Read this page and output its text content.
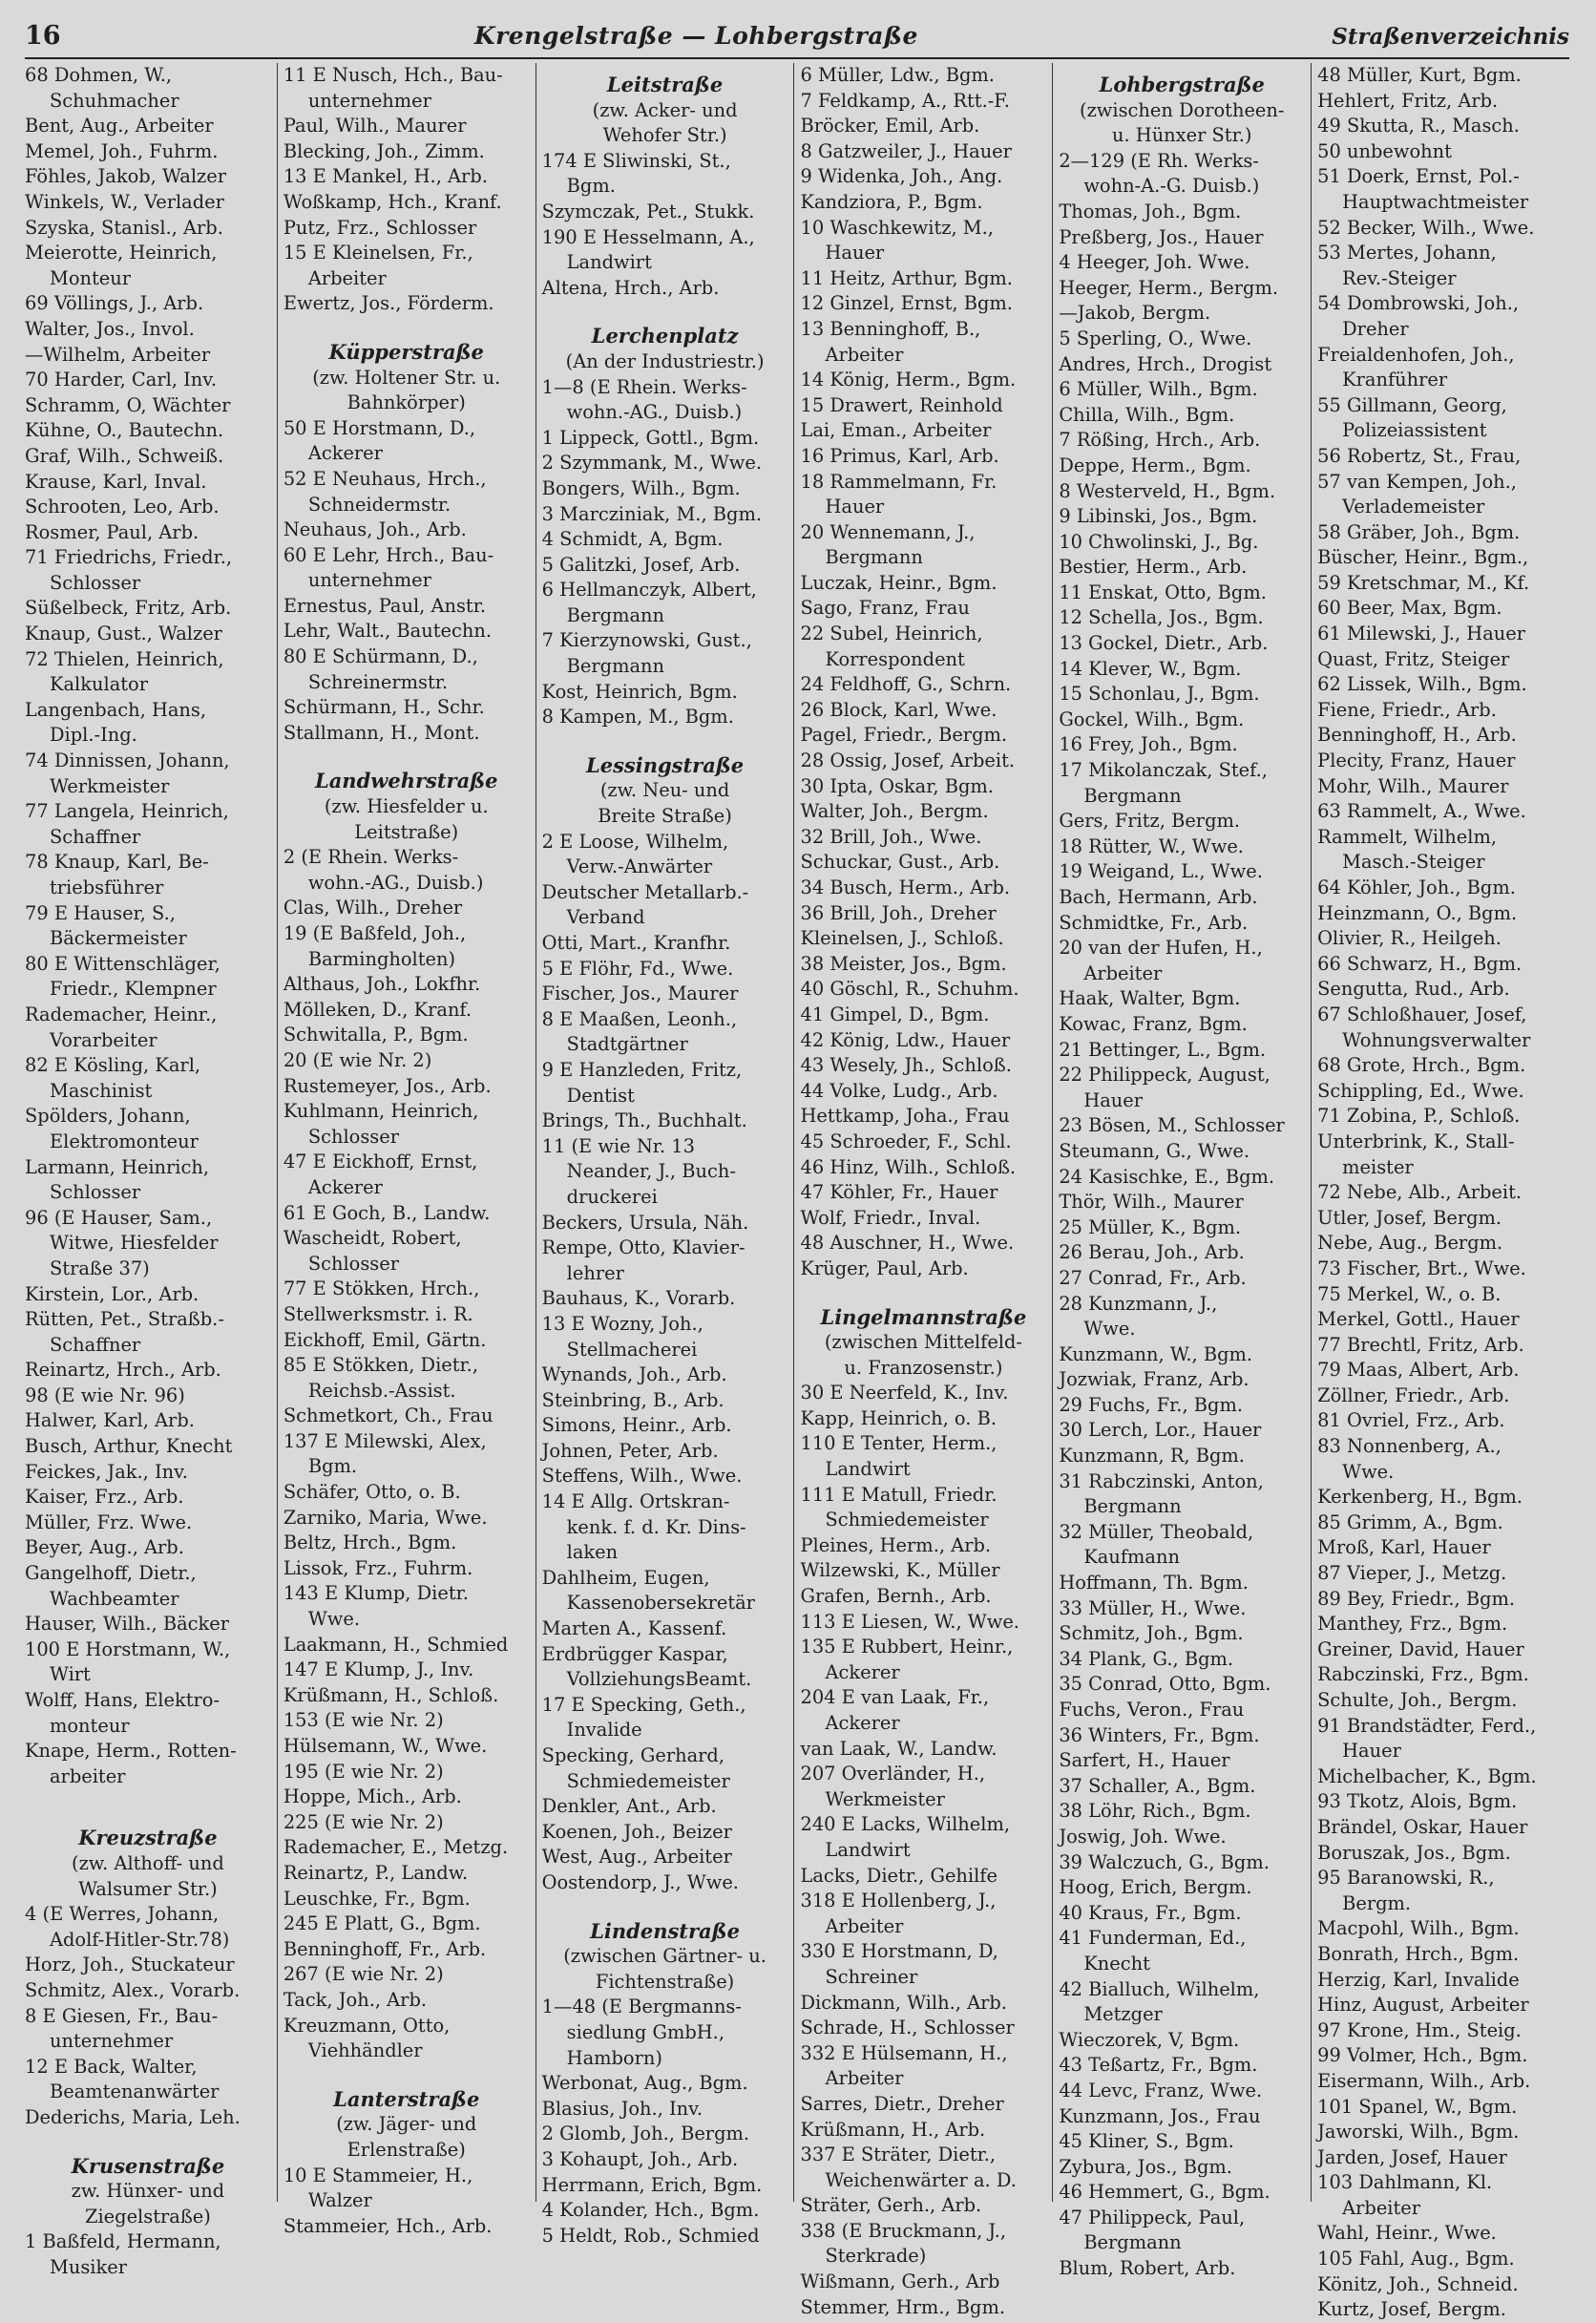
16	Krengelstraße — Lohbergstraße	Straßenverzeichnis
68 Dohmen, W.,
Schuhmacher
Bent, Aug., Arbeiter
Memel, Joh., Fuhrm.
Föhles, Jakob, Walzer
Winkels, W., Verlader
Szyska, Stanisl., Arb.
Meierotte, Heinrich,
Monteur
69 Völlings, J., Arb.
Walter, Jos., Invol.
—Wilhelm, Arbeiter
70 Harder, Carl, Inv.
Schramm, O, Wächter
Kühne, O., Bautechn.
Graf, Wilh., Schweiß.
Krause, Karl, Inval.
Schrooten, Leo, Arb.
Rosmer, Paul, Arb.
71 Friedrichs, Friedr.,
Schlosser
Süßelbeck, Fritz, Arb.
Knaup, Gust., Walzer
72 Thielen, Heinrich,
Kalkulator
Langenbach, Hans,
Dipl.-Ing.
74 Dinnissen, Johann,
Werkmeister
77 Langela, Heinrich,
Schaffner
78 Knaup, Karl, Be-
triebsführer
79 E Hauser, S.,
Bäckermeister
80 E Wittenschläger,
Friedr., Klempner
Rademacher, Heinr.,
Vorarbeiter
82 E Kösling, Karl,
Maschinist
Spölders, Johann,
Elektromonteur
Larmann, Heinrich,
Schlosser
96 (E Hauser, Sam.,
Witwe, Hiesfelder
Straße 37)
Kirstein, Lor., Arb.
Rütten, Pet., Straßb.-
Schaffner
Reinartz, Hrch., Arb.
98 (E wie Nr. 96)
Halwer, Karl, Arb.
Busch, Arthur, Knecht
Feickes, Jak., Inv.
Kaiser, Frz., Arb.
Müller, Frz. Wwe.
Beyer, Aug., Arb.
Gangelhoff, Dietr.,
Wachbeamter
Hauser, Wilh., Bäcker
100 E Horstmann, W.,
Wirt
Wolff, Hans, Elektro-
monteur
Knape, Herm., Rotten-
arbeiter
Kreuzstraße
(zw. Althoff- und
Walsumer Str.)
4 (E Werres, Johann,
Adolf-Hitler-Str.78)
Horz, Joh., Stuckateur
Schmitz, Alex., Vorarb.
8 E Giesen, Fr., Bau-
unternehmer
12 E Back, Walter,
Beamtenanwärter
Dederichs, Maria, Leh.
Krusenstraße
zw. Hünxer- und
Ziegelstraße)
1 Baßfeld, Hermann,
Musiker
11 E Nusch, Hch., Bau-
unternehmer
Paul, Wilh., Maurer
Blecking, Joh., Zimm.
13 E Mankel, H., Arb.
Woßkamp, Hch., Kranf.
Putz, Frz., Schlosser
15 E Kleinelsen, Fr.,
Arbeiter
Ewertz, Jos., Förderm.
Küpperstraße
(zw. Holtener Str. u.
Bahnkörper)
50 E Horstmann, D.,
Ackerer
52 E Neuhaus, Hrch.,
Schneidermstr.
Neuhaus, Joh., Arb.
60 E Lehr, Hrch., Bau-
unternehmer
Ernestus, Paul, Anstr.
Lehr, Walt., Bautechn.
80 E Schürmann, D.,
Schreinermstr.
Schürmann, H., Schr.
Stallmann, H., Mont.
Landwehrstraße
(zw. Hiesfelder u.
Leitstraße)
2 (E Rhein. Werks-
wohn.-AG., Duisb.)
Clas, Wilh., Dreher
19 (E Baßfeld, Joh.,
Barmingholten)
Althaus, Joh., Lokfhr.
Mölleken, D., Kranf.
Schwitalla, P., Bgm.
20 (E wie Nr. 2)
Rustemeyer, Jos., Arb.
Kuhlmann, Heinrich,
Schlosser
47 E Eickhoff, Ernst,
Ackerer
61 E Goch, B., Landw.
Wascheidt, Robert,
Schlosser
77 E Stökken, Hrch.,
Stellwerksmstr. i. R.
Eickhoff, Emil, Gärtn.
85 E Stökken, Dietr.,
Reichsb.-Assist.
Schmetkort, Ch., Frau
137 E Milewski, Alex,
Bgm.
Schäfer, Otto, o. B.
Zarniko, Maria, Wwe.
Beltz, Hrch., Bgm.
Lissok, Frz., Fuhrm.
143 E Klump, Dietr.
Wwe.
Laakmann, H., Schmied
147 E Klump, J., Inv.
Krüßmann, H., Schloß.
153 (E wie Nr. 2)
Hülsemann, W., Wwe.
195 (E wie Nr. 2)
Hoppe, Mich., Arb.
225 (E wie Nr. 2)
Rademacher, E., Metzg.
Reinartz, P., Landw.
Leuschke, Fr., Bgm.
245 E Platt, G., Bgm.
Benninghoff, Fr., Arb.
267 (E wie Nr. 2)
Tack, Joh., Arb.
Kreuzmann, Otto,
Viehhändler
Lanterstraße
(zw. Jäger- und
Erlenstraße)
10 E Stammeier, H.,
Walzer
Stammeier, Hch., Arb.
Leitstraße
(zw. Acker- und
Wehofer Str.)
174 E Sliwinski, St.,
Bgm.
Szymczak, Pet., Stukk.
190 E Hesselmann, A.,
Landwirt
Altena, Hrch., Arb.
Lerchenplatz
(An der Industriestr.)
1—8 (E Rhein. Werks-
wohn.-AG., Duisb.)
1 Lippeck, Gottl., Bgm.
2 Szymmank, M., Wwe.
Bongers, Wilh., Bgm.
3 Marcziniak, M., Bgm.
4 Schmidt, A, Bgm.
5 Galitzki, Josef, Arb.
6 Hellmanczyk, Albert,
Bergmann
7 Kierzynowski, Gust.,
Bergmann
Kost, Heinrich, Bgm.
8 Kampen, M., Bgm.
Lessingstraße
(zw. Neu- und
Breite Straße)
2 E Loose, Wilhelm,
Verw.-Anwärter
Deutscher Metallarb.-
Verband
Otti, Mart., Kranfhr.
5 E Flöhr, Fd., Wwe.
Fischer, Jos., Maurer
8 E Maaßen, Leonh.,
Stadtgärtner
9 E Hanzleden, Fritz,
Dentist
Brings, Th., Buchhalt.
11 (E wie Nr. 13
Neander, J., Buch-
druckerei
Beckers, Ursula, Näh.
Rempe, Otto, Klavier-
lehrer
Bauhaus, K., Vorarb.
13 E Wozny, Joh.,
Stellmacherei
Wynands, Joh., Arb.
Steinbring, B., Arb.
Simons, Heinr., Arb.
Johnen, Peter, Arb.
Steffens, Wilh., Wwe.
14 E Allg. Ortskran-
kenk. f. d. Kr. Dins-
laken
Dahlheim, Eugen,
Kassenobersekretär
Marten A., Kassenf.
Erdbrügger Kaspar,
VollziehungsBeamt.
17 E Specking, Geth.,
Invalide
Specking, Gerhard,
Schmiedemeister
Denkler, Ant., Arb.
Koenen, Joh., Beizer
West, Aug., Arbeiter
Oostendorp, J., Wwe.
Lindenstraße
(zwischen Gärtner- u.
Fichtenstraße)
1—48 (E Bergmanns-
siedlung GmbH.,
Hamborn)
Werbonat, Aug., Bgm.
Blasius, Joh., Inv.
2 Glomb, Joh., Bergm.
3 Kohaupt, Joh., Arb.
Herrmann, Erich, Bgm.
4 Kolander, Hch., Bgm.
5 Heldt, Rob., Schmied
6 Müller, Ldw., Bgm.
7 Feldkamp, A., Rtt.-F.
Bröcker, Emil, Arb.
8 Gatzweiler, J., Hauer
9 Widenka, Joh., Ang.
Kandziora, P., Bgm.
10 Waschkewitz, M.,
Hauer
11 Heitz, Arthur, Bgm.
12 Ginzel, Ernst, Bgm.
13 Benninghoff, B.,
Arbeiter
14 König, Herm., Bgm.
15 Drawert, Reinhold
Lai, Eman., Arbeiter
16 Primus, Karl, Arb.
18 Rammelmann, Fr.
Hauer
20 Wennemann, J.,
Bergmann
Luczak, Heinr., Bgm.
Sago, Franz, Frau
22 Subel, Heinrich,
Korrespondent
24 Feldhoff, G., Schrn.
26 Block, Karl, Wwe.
Pagel, Friedr., Bergm.
28 Ossig, Josef, Arbeit.
30 Ipta, Oskar, Bgm.
Walter, Joh., Bergm.
32 Brill, Joh., Wwe.
Schuckar, Gust., Arb.
34 Busch, Herm., Arb.
36 Brill, Joh., Dreher
Kleinelsen, J., Schloß.
38 Meister, Jos., Bgm.
40 Göschl, R., Schuhm.
41 Gimpel, D., Bgm.
42 König, Ldw., Hauer
43 Wesely, Jh., Schloß.
44 Volke, Ludg., Arb.
Hettkamp, Joha., Frau
45 Schroeder, F., Schl.
46 Hinz, Wilh., Schloß.
47 Köhler, Fr., Hauer
Wolf, Friedr., Inval.
48 Auschner, H., Wwe.
Krüger, Paul, Arb.
Lingelmannstraße
(zwischen Mittelfeld-
u. Franzosenstr.)
30 E Neerfeld, K., Inv.
Kapp, Heinrich, o. B.
110 E Tenter, Herm.,
Landwirt
111 E Matull, Friedr.
Schmiedemeister
Pleines, Herm., Arb.
Wilzewski, K., Müller
Grafen, Bernh., Arb.
113 E Liesen, W., Wwe.
135 E Rubbert, Heinr.,
Ackerer
204 E van Laak, Fr.,
Ackerer
van Laak, W., Landw.
207 Overländer, H.,
Werkmeister
240 E Lacks, Wilhelm,
Landwirt
Lacks, Dietr., Gehilfe
318 E Hollenberg, J.,
Arbeiter
330 E Horstmann, D,
Schreiner
Dickmann, Wilh., Arb.
Schrade, H., Schlosser
332 E Hülsemann, H.,
Arbeiter
Sarres, Dietr., Dreher
Krüßmann, H., Arb.
337 E Sträter, Dietr.,
Weichenwärter a. D.
Sträter, Gerh., Arb.
338 (E Bruckmann, J.,
Sterkrade)
Wißmann, Gerh., Arb
Stemmer, Hrm., Bgm.
Lohbergstraße
(zwischen Dorotheen-
u. Hünxer Str.)
2—129 (E Rh. Werks-
wohn-A.-G. Duisb.)
Thomas, Joh., Bgm.
Preßberg, Jos., Hauer
4 Heeger, Joh. Wwe.
Heeger, Herm., Bergm.
—Jakob, Bergm.
5 Sperling, O., Wwe.
Andres, Hrch., Drogist
6 Müller, Wilh., Bgm.
Chilla, Wilh., Bgm.
7 Rößing, Hrch., Arb.
Deppe, Herm., Bgm.
8 Westerveld, H., Bgm.
9 Libinski, Jos., Bgm.
10 Chwolinski, J., Bg.
Bestier, Herm., Arb.
11 Enskat, Otto, Bgm.
12 Schella, Jos., Bgm.
13 Gockel, Dietr., Arb.
14 Klever, W., Bgm.
15 Schonlau, J., Bgm.
Gockel, Wilh., Bgm.
16 Frey, Joh., Bgm.
17 Mikolanczak, Stef.,
Bergmann
Gers, Fritz, Bergm.
18 Rütter, W., Wwe.
19 Weigand, L., Wwe.
Bach, Hermann, Arb.
Schmidtke, Fr., Arb.
20 van der Hufen, H.,
Arbeiter
Haak, Walter, Bgm.
Kowac, Franz, Bgm.
21 Bettinger, L., Bgm.
22 Philippeck, August,
Hauer
23 Bösen, M., Schlosser
Steumann, G., Wwe.
24 Kasischke, E., Bgm.
Thör, Wilh., Maurer
25 Müller, K., Bgm.
26 Berau, Joh., Arb.
27 Conrad, Fr., Arb.
28 Kunzmann, J.,
Wwe.
Kunzmann, W., Bgm.
Jozwiak, Franz, Arb.
29 Fuchs, Fr., Bgm.
30 Lerch, Lor., Hauer
Kunzmann, R, Bgm.
31 Rabczinski, Anton,
Bergmann
32 Müller, Theobald,
Kaufmann
Hoffmann, Th. Bgm.
33 Müller, H., Wwe.
Schmitz, Joh., Bgm.
34 Plank, G., Bgm.
35 Conrad, Otto, Bgm.
Fuchs, Veron., Frau
36 Winters, Fr., Bgm.
Sarfert, H., Hauer
37 Schaller, A., Bgm.
38 Löhr, Rich., Bgm.
Joswig, Joh. Wwe.
39 Walczuch, G., Bgm.
Hoog, Erich, Bergm.
40 Kraus, Fr., Bgm.
41 Funderman, Ed.,
Knecht
42 Bialluch, Wilhelm,
Metzger
Wieczorek, V, Bgm.
43 Teßartz, Fr., Bgm.
44 Levc, Franz, Wwe.
Kunzmann, Jos., Frau
45 Kliner, S., Bgm.
Zybura, Jos., Bgm.
46 Hemmert, G., Bgm.
47 Philippeck, Paul,
Bergmann
Blum, Robert, Arb.
48 Müller, Kurt, Bgm.
Hehlert, Fritz, Arb.
49 Skutta, R., Masch.
50 unbewohnt
51 Doerk, Ernst, Pol.-
Hauptwachtmeister
52 Becker, Wilh., Wwe.
53 Mertes, Johann,
Rev.-Steiger
54 Dombrowski, Joh.,
Dreher
Freialdenhofen, Joh.,
Kranführer
55 Gillmann, Georg,
Polizeiassistent
56 Robertz, St., Frau,
57 van Kempen, Joh.,
Verlademeister
58 Gräber, Joh., Bgm.
Büscher, Heinr., Bgm.,
59 Kretschmar, M., Kf.
60 Beer, Max, Bgm.
61 Milewski, J., Hauer
Quast, Fritz, Steiger
62 Lissek, Wilh., Bgm.
Fiene, Friedr., Arb.
Benninghoff, H., Arb.
Plecity, Franz, Hauer
Mohr, Wilh., Maurer
63 Rammelt, A., Wwe.
Rammelt, Wilhelm,
Masch.-Steiger
64 Köhler, Joh., Bgm.
Heinzmann, O., Bgm.
Olivier, R., Heilgeh.
66 Schwarz, H., Bgm.
Sengutta, Rud., Arb.
67 Schloßhauer, Josef,
Wohnungsverwalter
68 Grote, Hrch., Bgm.
Schippling, Ed., Wwe.
71 Zobina, P., Schloß.
Unterbrink, K., Stall-
meister
72 Nebe, Alb., Arbeit.
Utler, Josef, Bergm.
Nebe, Aug., Bergm.
73 Fischer, Brt., Wwe.
75 Merkel, W., o. B.
Merkel, Gottl., Hauer
77 Brechtl, Fritz, Arb.
79 Maas, Albert, Arb.
Zöllner, Friedr., Arb.
81 Ovriel, Frz., Arb.
83 Nonnenberg, A.,
Wwe.
Kerkenberg, H., Bgm.
85 Grimm, A., Bgm.
Mroß, Karl, Hauer
87 Vieper, J., Metzg.
89 Bey, Friedr., Bgm.
Manthey, Frz., Bgm.
Greiner, David, Hauer
Rabczinski, Frz., Bgm.
Schulte, Joh., Bergm.
91 Brandstädter, Ferd.,
Hauer
Michelbacher, K., Bgm.
93 Tkotz, Alois, Bgm.
Brändel, Oskar, Hauer
Boruszak, Jos., Bgm.
95 Baranowski, R.,
Bergm.
Macpohl, Wilh., Bgm.
Bonrath, Hrch., Bgm.
Herzig, Karl, Invalide
Hinz, August, Arbeiter
97 Krone, Hm., Steig.
99 Volmer, Hch., Bgm.
Eisermann, Wilh., Arb.
101 Spanel, W., Bgm.
Jaworski, Wilh., Bgm.
Jarden, Josef, Hauer
103 Dahlmann, Kl.
Arbeiter
Wahl, Heinr., Wwe.
105 Fahl, Aug., Bgm.
Könitz, Joh., Schneid.
Kurtz, Josef, Bergm.
